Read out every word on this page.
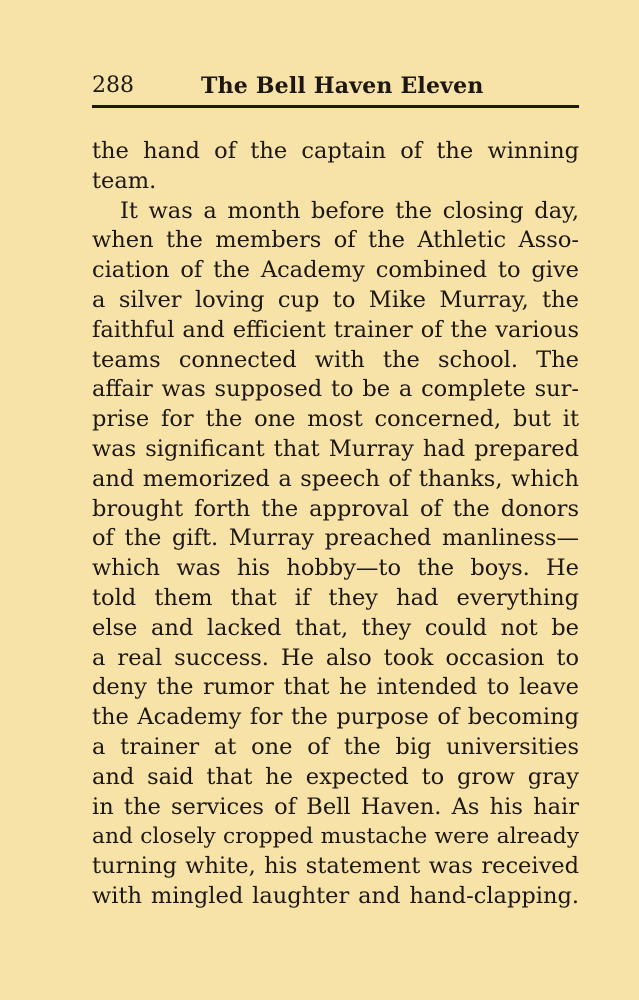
288	The Bell Haven Eleven
the hand of the captain of the winning
team.
It was a month before the closing day,
when the members of the Athletic Asso-
ciation of the Academy combined to give
a silver loving cup to Mike Murray, the
faithful and efficient trainer of the various
teams connected with the school. The
affair was supposed to be a complete sur-
prise for the one most concerned, but it
was significant that Murray had prepared
and memorized a speech of thanks, which
brought forth the approval of the donors
of the gift. Murray preached manliness—
which was his hobby—to the boys. He
told them that if they had everything
else and lacked that, they could not be
a real success. He also took occasion to
deny the rumor that he intended to leave
the Academy for the purpose of becoming
a trainer at one of the big universities
and said that he expected to grow gray
in the services of Bell Haven. As his hair
and closely cropped mustache were already
turning white, his statement was received
with mingled laughter and hand-clapping.
